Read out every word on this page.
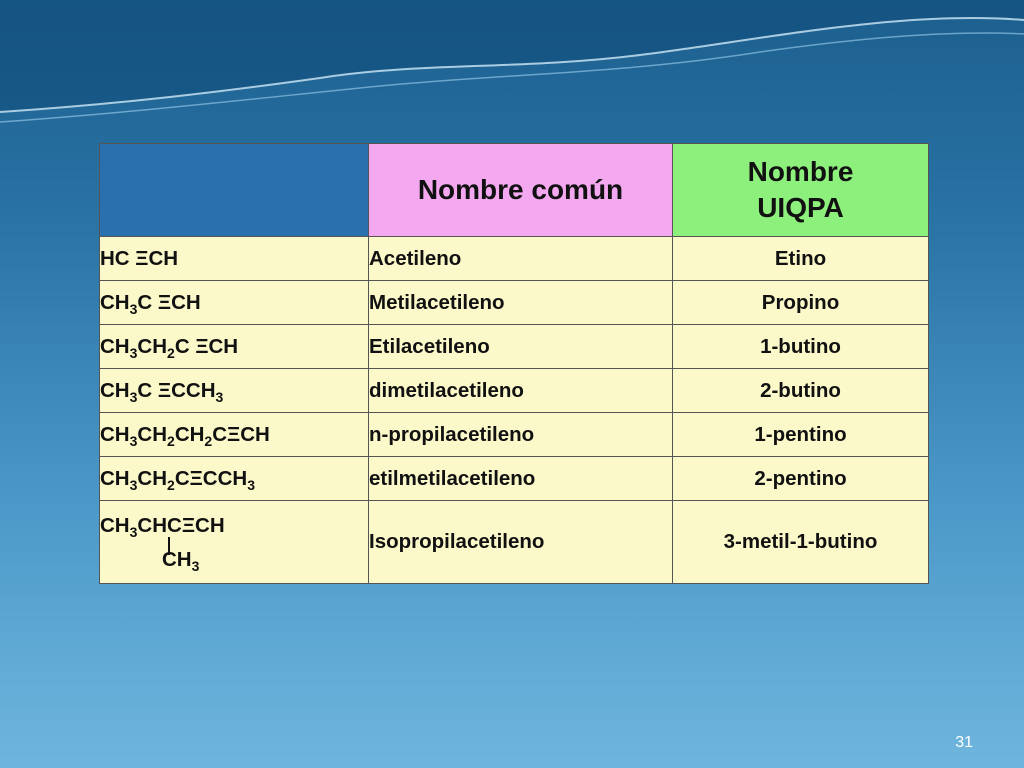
	Nombre común	Nombre
UIQPA
HC ΞCH	Acetileno	Etino
$CH_3C$ ΞCH	Metilacetileno	Propino
$CH_3CH_2C$ ΞCH	Etilacetileno	1-butino
$CH_3C$ $\Xi CCH_3$	dimetilacetileno	2-butino
$CH_3CH_2CH_2C\Xi CH$	n-propilacetileno	1-pentino
$CH_3CH_2C\Xi CCH_3$	etilmetilacetileno	2-pentino

$CH_3CHC\Xi CH$
$CH_3$	Isopropilacetileno	3-metil-1-butino
31
